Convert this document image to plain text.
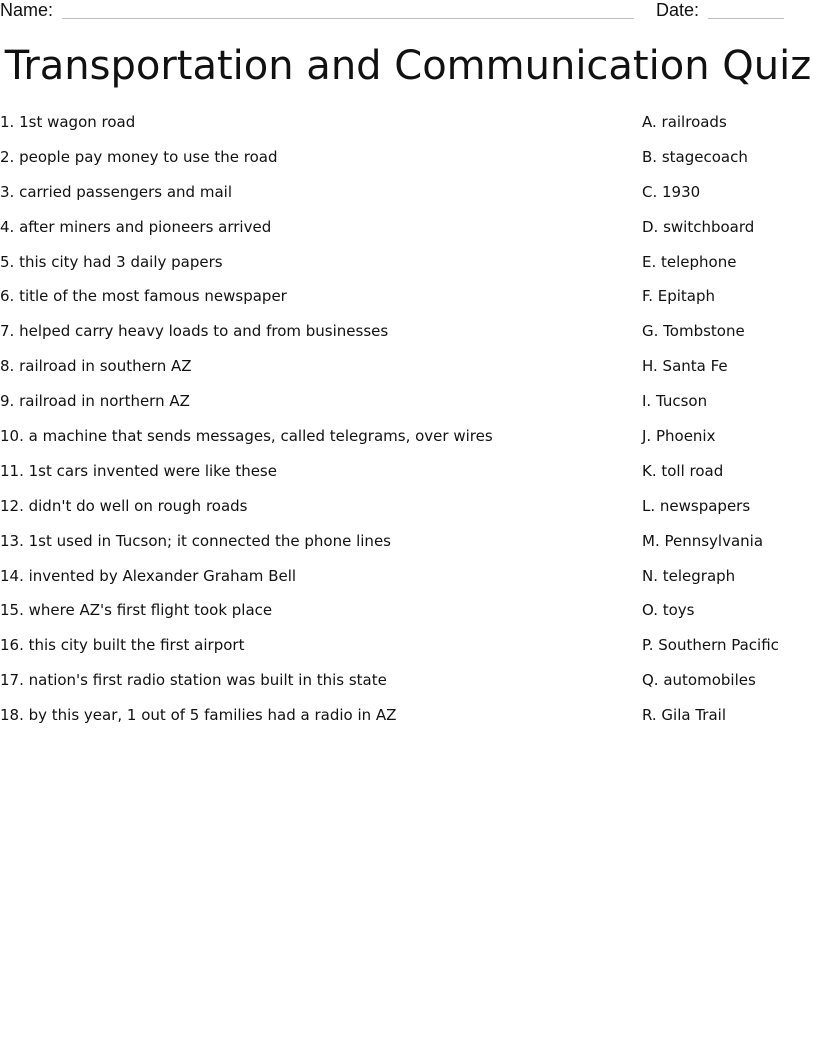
Name:	Date:
Transportation and Communication Quiz
1. 1st wagon road
2. people pay money to use the road
3. carried passengers and mail
4. after miners and pioneers arrived
5. this city had 3 daily papers
6. title of the most famous newspaper
7. helped carry heavy loads to and from businesses
8. railroad in southern AZ
9. railroad in northern AZ
10. a machine that sends messages, called telegrams, over wires
11. 1st cars invented were like these
12. didn't do well on rough roads
13. 1st used in Tucson; it connected the phone lines
14. invented by Alexander Graham Bell
15. where AZ's first flight took place
16. this city built the first airport
17. nation's first radio station was built in this state
18. by this year, 1 out of 5 families had a radio in AZ
A. railroads
B. stagecoach
C. 1930
D. switchboard
E. telephone
F. Epitaph
G. Tombstone
H. Santa Fe
I. Tucson
J. Phoenix
K. toll road
L. newspapers
M. Pennsylvania
N. telegraph
O. toys
P. Southern Pacific
Q. automobiles
R. Gila Trail
